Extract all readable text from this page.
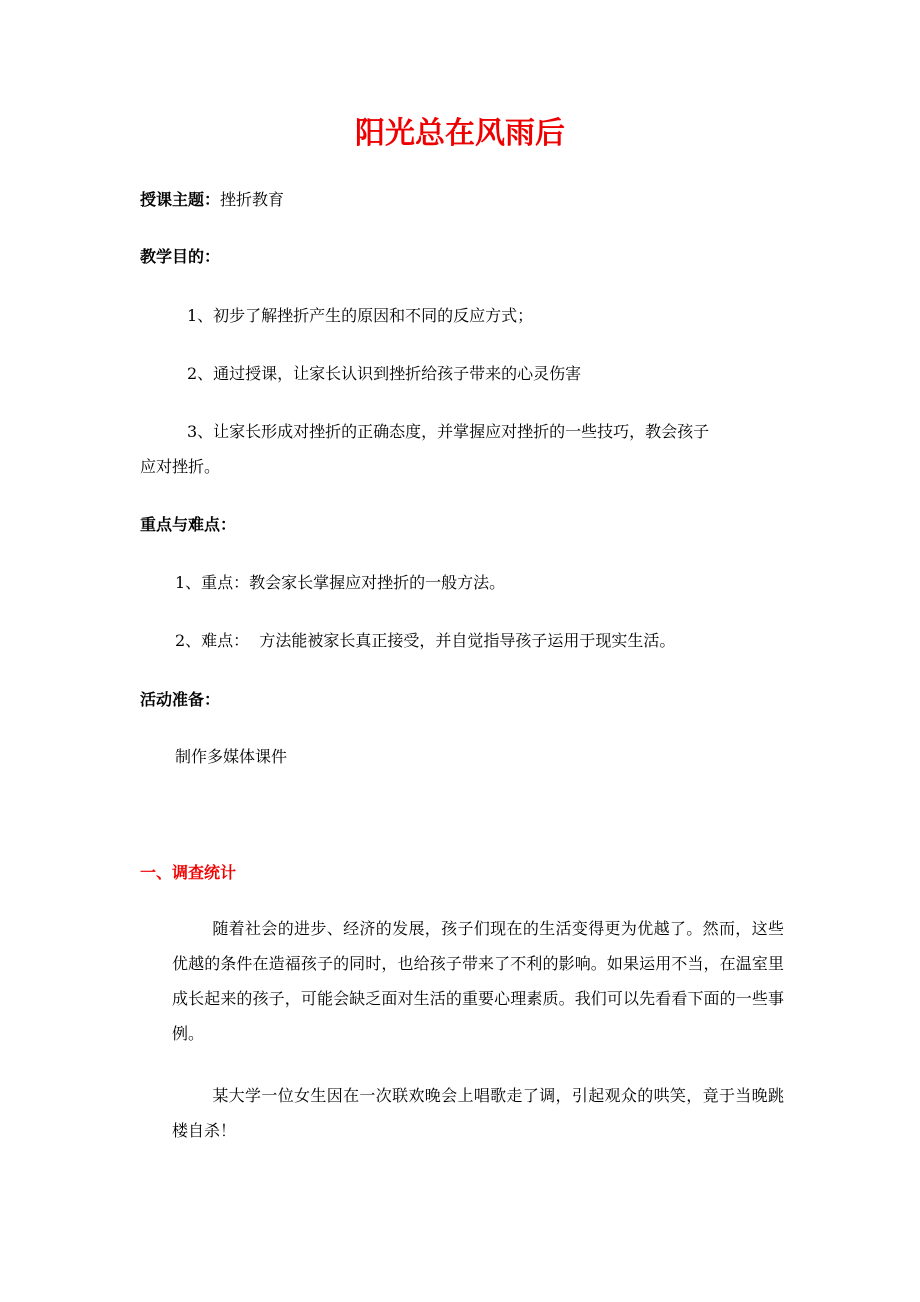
阳光总在风雨后
授课主题：挫折教育
教学目的：
1、初步了解挫折产生的原因和不同的反应方式；
2、通过授课，让家长认识到挫折给孩子带来的心灵伤害
3、让家长形成对挫折的正确态度，并掌握应对挫折的一些技巧，教会孩子
应对挫折。
重点与难点：
1、重点：教会家长掌握应对挫折的一般方法。
2、难点：  方法能被家长真正接受，并自觉指导孩子运用于现实生活。
活动准备：
制作多媒体课件
一、调查统计
随着社会的进步、经济的发展，孩子们现在的生活变得更为优越了。然而，这些优越的条件在造福孩子的同时，也给孩子带来了不利的影响。如果运用不当，在温室里成长起来的孩子，可能会缺乏面对生活的重要心理素质。我们可以先看看下面的一些事例。
某大学一位女生因在一次联欢晚会上唱歌走了调，引起观众的哄笑，竟于当晚跳楼自杀！
